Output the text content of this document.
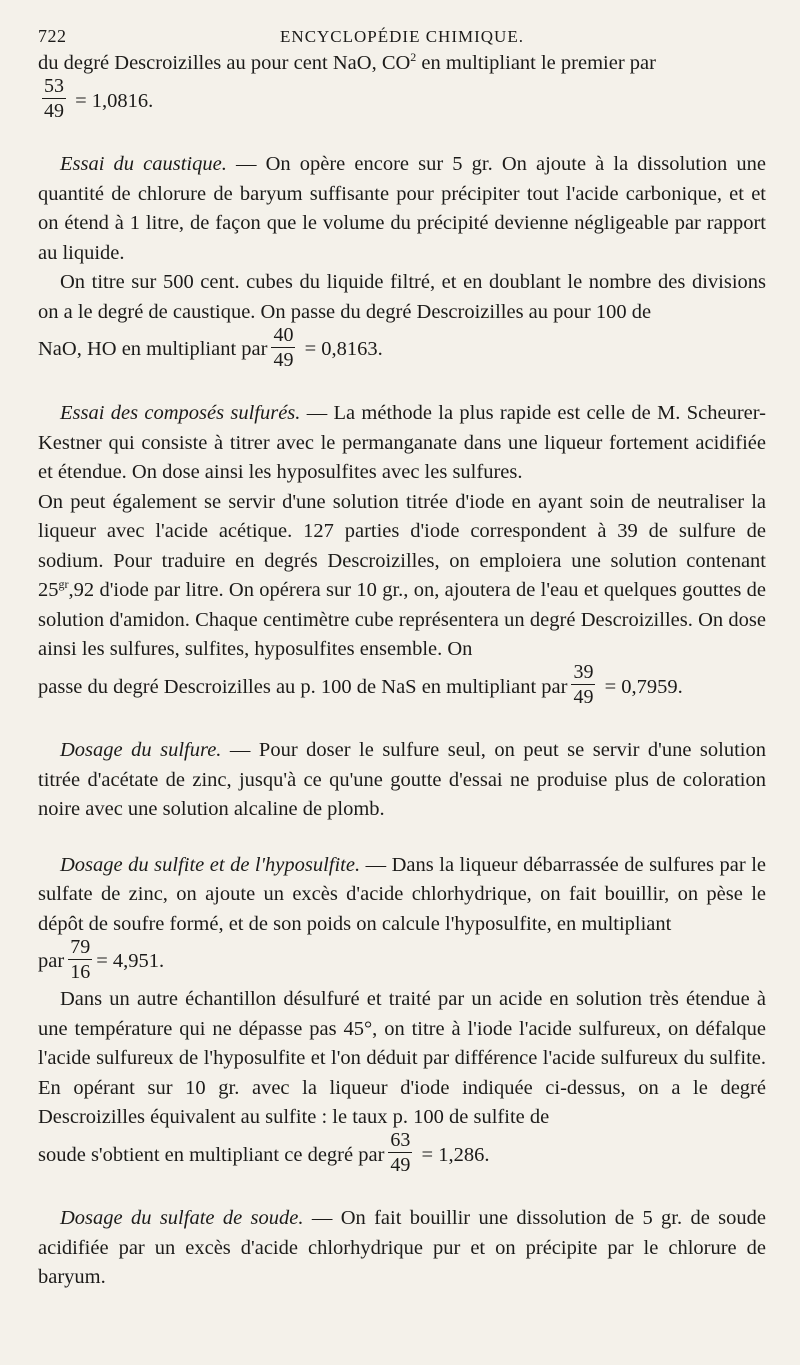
722	ENCYCLOPÉDIE CHIMIQUE.

du degré Descroizilles au pour cent NaO, $CO^2$ en multipliant le premier par

$\frac{53}{49} = 1,0816$.

Essai du caustique. — On opère encore sur 5 gr. On ajoute à la dissolution une quantité de chlorure de baryum suffisante pour précipiter tout l'acide carbonique, et et on étend à 1 litre, de façon que le volume du précipité devienne négligeable par rapport au liquide.

On titre sur 500 cent. cubes du liquide filtré, et en doublant le nombre des divisions on a le degré de caustique. On passe du degré Descroizilles au pour 100 de

NaO, HO en multipliant par $\frac{40}{49} = 0,8163$.

Essai des composés sulfurés. — La méthode la plus rapide est celle de M. Scheurer-Kestner qui consiste à titrer avec le permanganate dans une liqueur fortement acidifiée et étendue. On dose ainsi les hyposulfites avec les sulfures.

On peut également se servir d'une solution titrée d'iode en ayant soin de neutraliser la liqueur avec l'acide acétique. 127 parties d'iode correspondent à 39 de sulfure de sodium. Pour traduire en degrés Descroizilles, on emploiera une solution contenant $25^{gr},92$ d'iode par litre. On opérera sur 10 gr., on, ajoutera de l'eau et quelques gouttes de solution d'amidon. Chaque centimètre cube représentera un degré Descroizilles. On dose ainsi les sulfures, sulfites, hyposulfites ensemble. On

passe du degré Descroizilles au p. 100 de NaS en multipliant par $\frac{39}{49} = 0,7959$.

Dosage du sulfure. — Pour doser le sulfure seul, on peut se servir d'une solution titrée d'acétate de zinc, jusqu'à ce qu'une goutte d'essai ne produise plus de coloration noire avec une solution alcaline de plomb.

Dosage du sulfite et de l'hyposulfite. — Dans la liqueur débarrassée de sulfures par le sulfate de zinc, on ajoute un excès d'acide chlorhydrique, on fait bouillir, on pèse le dépôt de soufre formé, et de son poids on calcule l'hyposulfite, en multipliant

par $\frac{79}{16} = 4,951$.

Dans un autre échantillon désulfuré et traité par un acide en solution très étendue à une température qui ne dépasse pas 45°, on titre à l'iode l'acide sulfureux, on défalque l'acide sulfureux de l'hyposulfite et l'on déduit par différence l'acide sulfureux du sulfite. En opérant sur 10 gr. avec la liqueur d'iode indiquée ci-dessus, on a le degré Descroizilles équivalent au sulfite : le taux p. 100 de sulfite de

soude s'obtient en multipliant ce degré par $\frac{63}{49} = 1,286$.

Dosage du sulfate de soude. — On fait bouillir une dissolution de 5 gr. de soude acidifiée par un excès d'acide chlorhydrique pur et on précipite par le chlorure de baryum.
